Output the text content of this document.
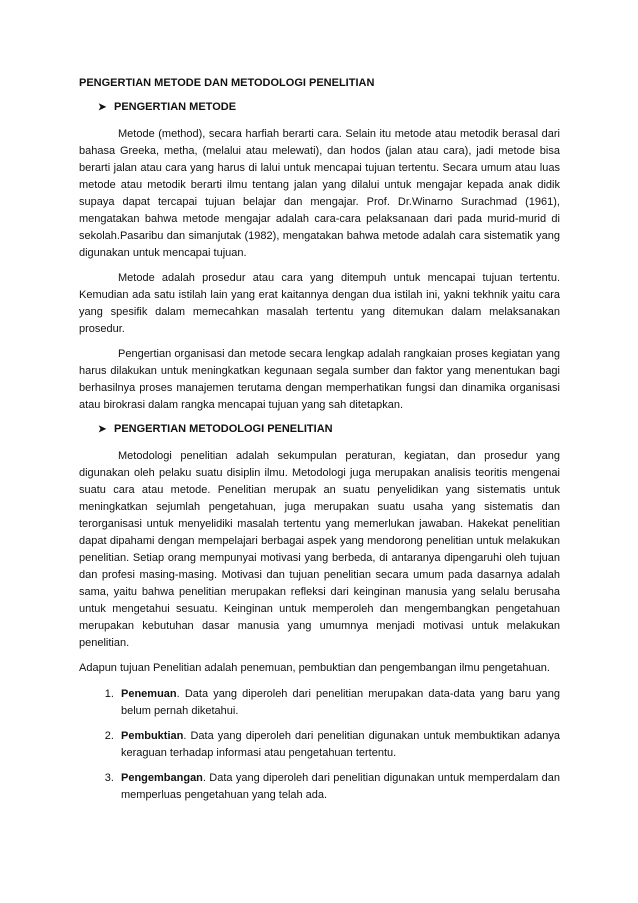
PENGERTIAN METODE DAN METODOLOGI PENELITIAN
➤ PENGERTIAN METODE

Metode (method), secara harfiah berarti cara. Selain itu metode atau metodik berasal dari bahasa Greeka, metha, (melalui atau melewati), dan hodos (jalan atau cara), jadi metode bisa berarti jalan atau cara yang harus di lalui untuk mencapai tujuan tertentu. Secara umum atau luas metode atau metodik berarti ilmu tentang jalan yang dilalui untuk mengajar kepada anak didik supaya dapat tercapai tujuan belajar dan mengajar. Prof. Dr.Winarno Surachmad (1961), mengatakan bahwa metode mengajar adalah cara-cara pelaksanaan dari pada murid-murid di sekolah.Pasaribu dan simanjutak (1982), mengatakan bahwa metode adalah cara sistematik yang digunakan untuk mencapai tujuan.

Metode adalah prosedur atau cara yang ditempuh untuk mencapai tujuan tertentu. Kemudian ada satu istilah lain yang erat kaitannya dengan dua istilah ini, yakni tekhnik yaitu cara yang spesifik dalam memecahkan masalah tertentu yang ditemukan dalam melaksanakan prosedur.

Pengertian organisasi dan metode secara lengkap adalah rangkaian proses kegiatan yang harus dilakukan untuk meningkatkan kegunaan segala sumber dan faktor yang menentukan bagi berhasilnya proses manajemen terutama dengan memperhatikan fungsi dan dinamika organisasi atau birokrasi dalam rangka mencapai tujuan yang sah ditetapkan.

➤ PENGERTIAN METODOLOGI PENELITIAN

Metodologi penelitian adalah sekumpulan peraturan, kegiatan, dan prosedur yang digunakan oleh pelaku suatu disiplin ilmu. Metodologi juga merupakan analisis teoritis mengenai suatu cara atau metode. Penelitian merupak an suatu penyelidikan yang sistematis untuk meningkatkan sejumlah pengetahuan, juga merupakan suatu usaha yang sistematis dan terorganisasi untuk menyelidiki masalah tertentu yang memerlukan jawaban. Hakekat penelitian dapat dipahami dengan mempelajari berbagai aspek yang mendorong penelitian untuk melakukan penelitian. Setiap orang mempunyai motivasi yang berbeda, di antaranya dipengaruhi oleh tujuan dan profesi masing-masing. Motivasi dan tujuan penelitian secara umum pada dasarnya adalah sama, yaitu bahwa penelitian merupakan refleksi dari keinginan manusia yang selalu berusaha untuk mengetahui sesuatu. Keinginan untuk memperoleh dan mengembangkan pengetahuan merupakan kebutuhan dasar manusia yang umumnya menjadi motivasi untuk melakukan penelitian.

Adapun tujuan Penelitian adalah penemuan, pembuktian dan pengembangan ilmu pengetahuan.

1. Penemuan. Data yang diperoleh dari penelitian merupakan data-data yang baru yang belum pernah diketahui.
2. Pembuktian. Data yang diperoleh dari penelitian digunakan untuk membuktikan adanya keraguan terhadap informasi atau pengetahuan tertentu.
3. Pengembangan. Data yang diperoleh dari penelitian digunakan untuk memperdalam dan memperluas pengetahuan yang telah ada.
